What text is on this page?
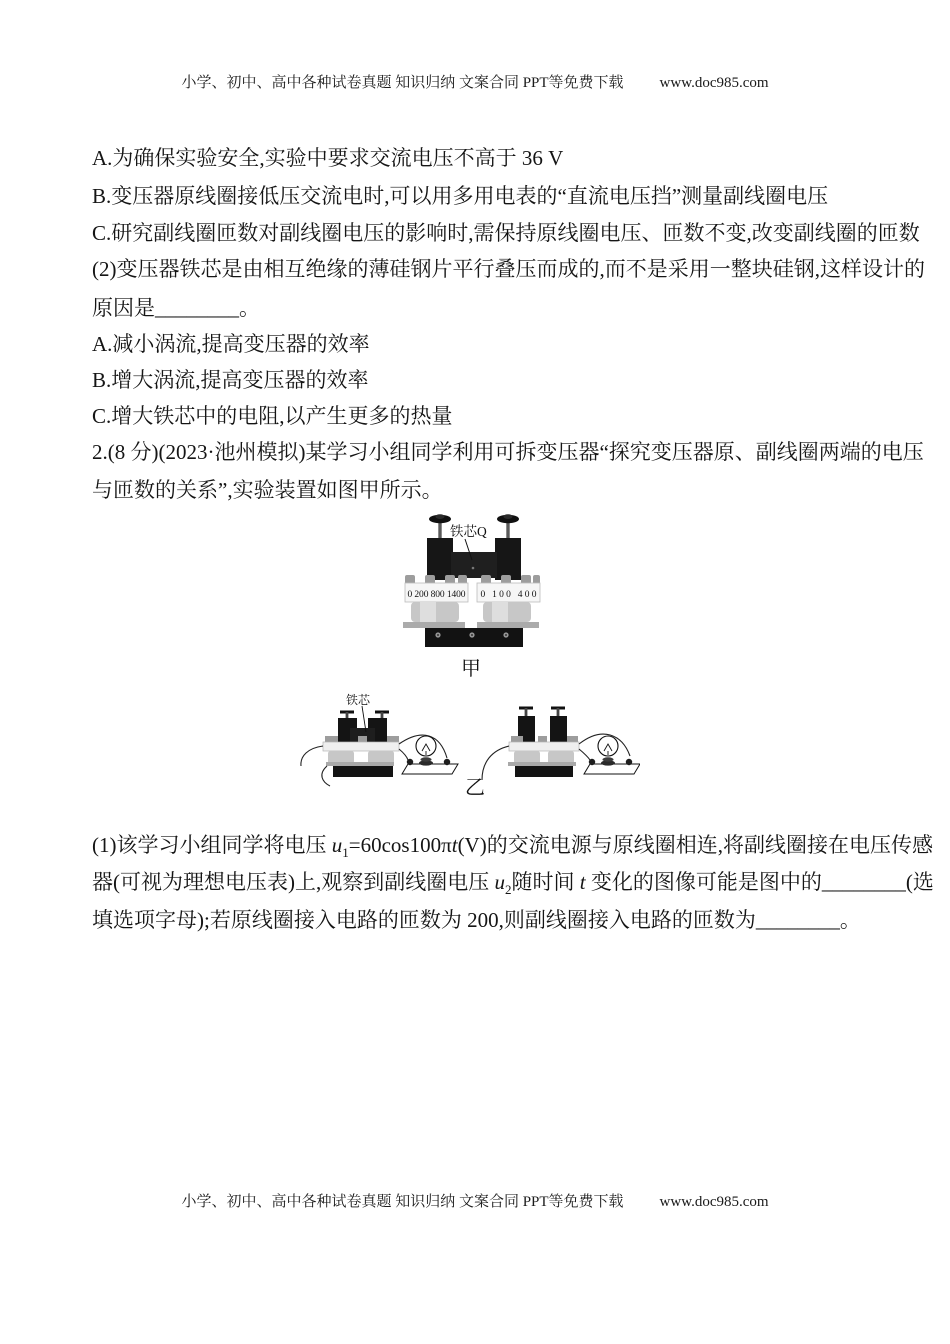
小学、初中、高中各种试卷真题 知识归纳 文案合同 PPT等免费下载 www.doc985.com
A.为确保实验安全,实验中要求交流电压不高于 36 V
B.变压器原线圈接低压交流电时,可以用多用电表的“直流电压挡”测量副线圈电压
C.研究副线圈匝数对副线圈电压的影响时,需保持原线圈电压、匝数不变,改变副线圈的匝数
(2)变压器铁芯是由相互绝缘的薄硅钢片平行叠压而成的,而不是采用一整块硅钢,这样设计的
原因是________。
A.减小涡流,提高变压器的效率
B.增大涡流,提高变压器的效率
C.增大铁芯中的电阻,以产生更多的热量
2.(8 分)(2023·池州模拟)某学习小组同学利用可拆变压器“探究变压器原、副线圈两端的电压
与匝数的关系”,实验装置如图甲所示。
铁芯Q
0 200 800 1400 0 100 400
甲
铁芯
乙
(1)该学习小组同学将电压 $u_1=60\cos 100\pi t(V)$的交流电源与原线圈相连,将副线圈接在电压传感
器(可视为理想电压表)上,观察到副线圈电压 $u_2$随时间 t 变化的图像可能是图中的________(选
填选项字母);若原线圈接入电路的匝数为 200,则副线圈接入电路的匝数为________。
小学、初中、高中各种试卷真题 知识归纳 文案合同 PPT等免费下载 www.doc985.com
